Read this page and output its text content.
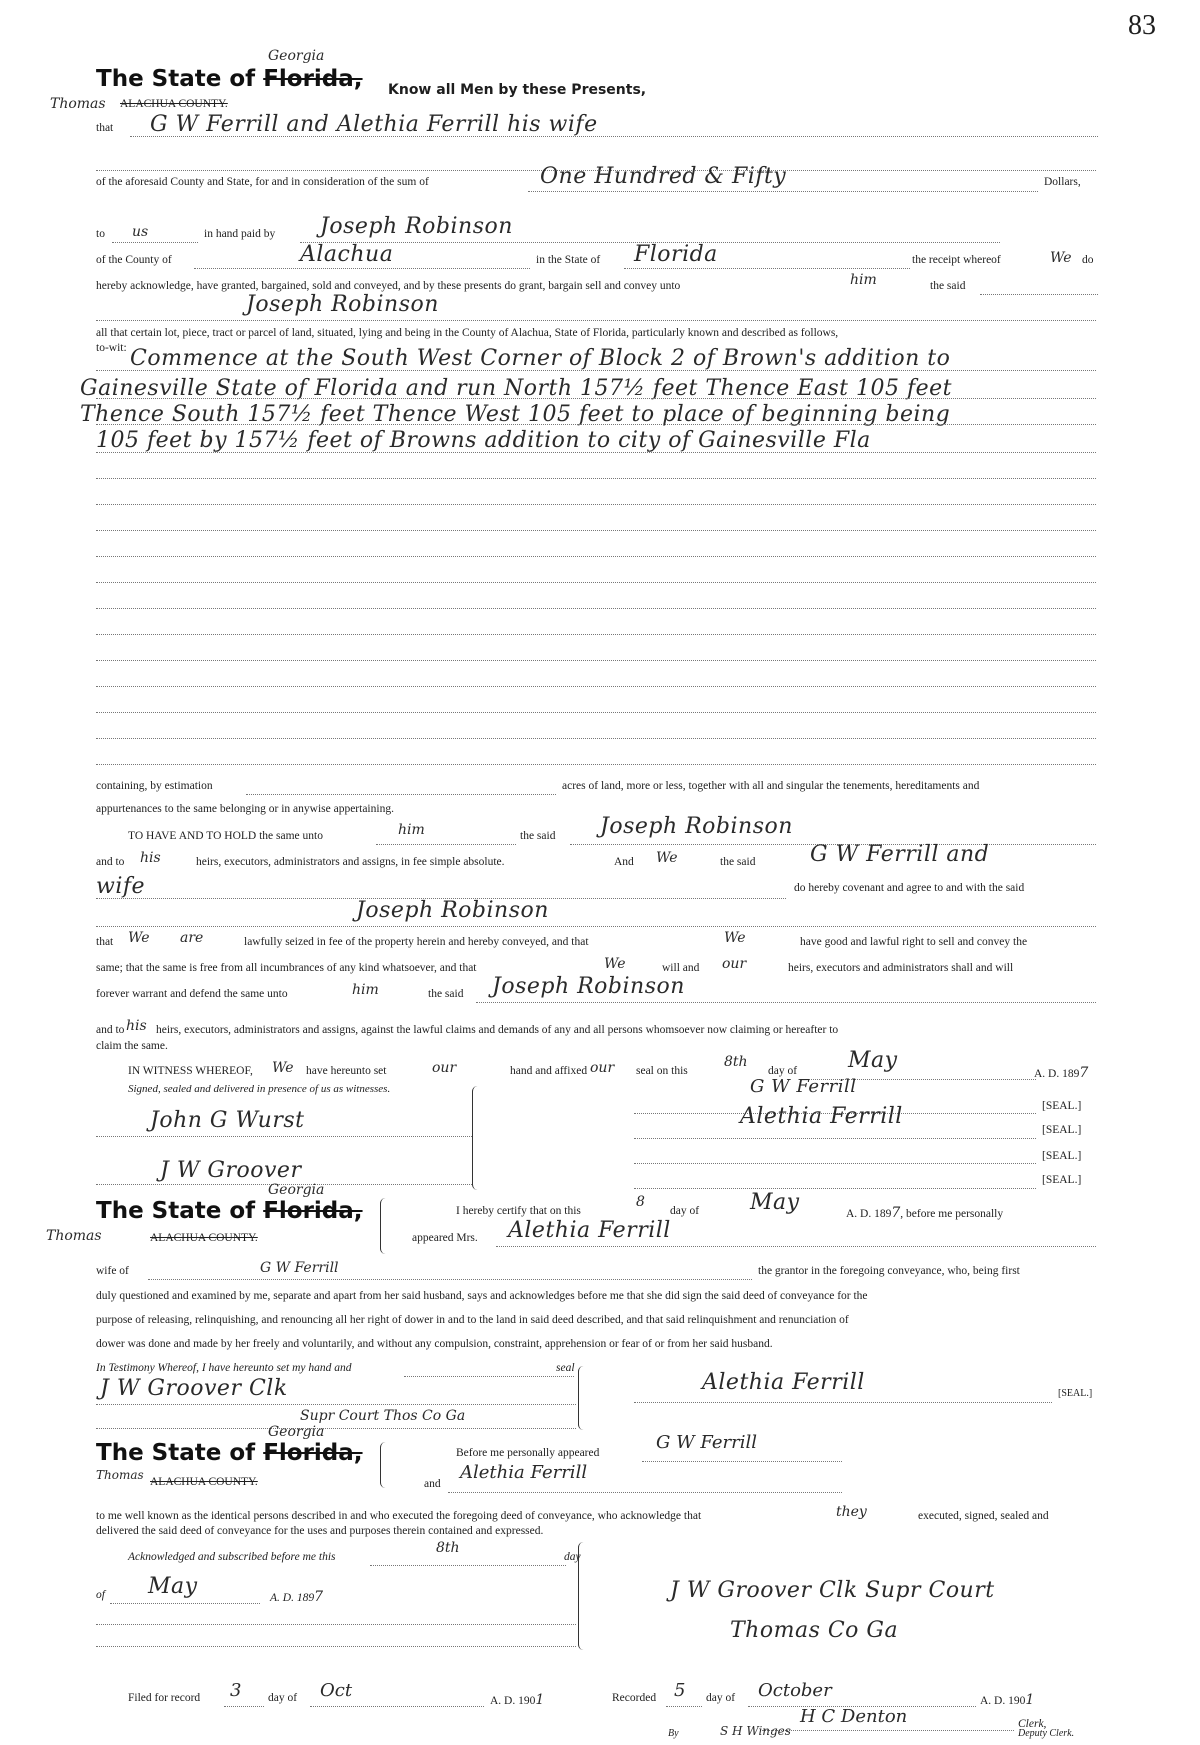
83
Georgia
The State of Florida, Know all Men by these Presents,
Thomas ALACHUA COUNTY.
that G W Ferrill and Alethia Ferrill his wife
of the aforesaid County and State, for and in consideration of the sum of	One Hundred & Fifty	Dollars,
to us	in hand paid by Joseph Robinson
of the County of	Alachua	in the State of Florida	the receipt whereof	We do
hereby acknowledge, have granted, bargained, sold and conveyed, and by these presents do grant, bargain sell and convey unto	him	the said
Joseph Robinson
all that certain lot, piece, tract or parcel of land, situated, lying and being in the County of Alachua, State of Florida, particularly known and described as follows,
to-wit: Commence at the South West Corner of Block 2 of Brown's addition to
Gainesville State of Florida and run North 157½ feet Thence East 105 feet
Thence South 157½ feet Thence West 105 feet to place of beginning being
105 feet by 157½ feet of Browns addition to city of Gainesville Fla
containing, by estimation	acres of land, more or less, together with all and singular the tenements, hereditaments and
appurtenances to the same belonging or in anywise appertaining.
TO HAVE AND TO HOLD the same unto	him	the said Joseph Robinson
and to his	heirs, executors, administrators and assigns, in fee simple absolute.	And We	the said G W Ferrill and
wife	do hereby covenant and agree to and with the said
Joseph Robinson
that We are	lawfully seized in fee of the property herein and hereby conveyed, and that	We	have good and lawful right to sell and convey the
same; that the same is free from all incumbrances of any kind whatsoever, and that	We	will and our	heirs, executors and administrators shall and will
forever warrant and defend the same unto	him	the said Joseph Robinson
and to his heirs, executors, administrators and assigns, against the lawful claims and demands of any and all persons whomsoever now claiming or hereafter to
claim the same.
IN WITNESS WHEREOF, We have hereunto set	our	hand and affixed our seal on this
8th
day of May
A. D. 1897
Signed, sealed and delivered in presence of us as witnesses.
John G Wurst
J W Groover
G W Ferrill
[SEAL.]
Alethia Ferrill
[SEAL.]
[SEAL.]
[SEAL.]
Georgia
The State of Florida,
Thomas	ALACHUA COUNTY.
I hereby certify that on this
8
day of May	A. D. 1897, before me personally
appeared Mrs. Alethia Ferrill
wife of	G W Ferrill	the grantor in the foregoing conveyance, who, being first
duly questioned and examined by me, separate and apart from her said husband, says and acknowledges before me that she did sign the said deed of conveyance for the
purpose of releasing, relinquishing, and renouncing all her right of dower in and to the land in said deed described, and that said relinquishment and renunciation of
dower was done and made by her freely and voluntarily, and without any compulsion, constraint, apprehension or fear of or from her said husband.
In Testimony Whereof, I have hereunto set my hand and	seal
J W Groover Clk
Supr Court Thos Co Ga
Alethia Ferrill	[SEAL.]
Georgia
The State of Florida,
Thomas ALACHUA COUNTY.
Before me personally appeared	G W Ferrill
and
Alethia Ferrill
to me well known as the identical persons described in and who executed the foregoing deed of conveyance, who acknowledge that	they	executed, signed, sealed and
delivered the said deed of conveyance for the uses and purposes therein contained and expressed.
Acknowledged and subscribed before me this
8th
day
of May	A. D. 1897	J W Groover Clk Supr Court
Thomas Co Ga
Filed for record 3 day of Oct	A. D. 1901	Recorded 5 day of October	A. D. 1901
H C Denton	Clerk,
By	S H Winges	Deputy Clerk.
